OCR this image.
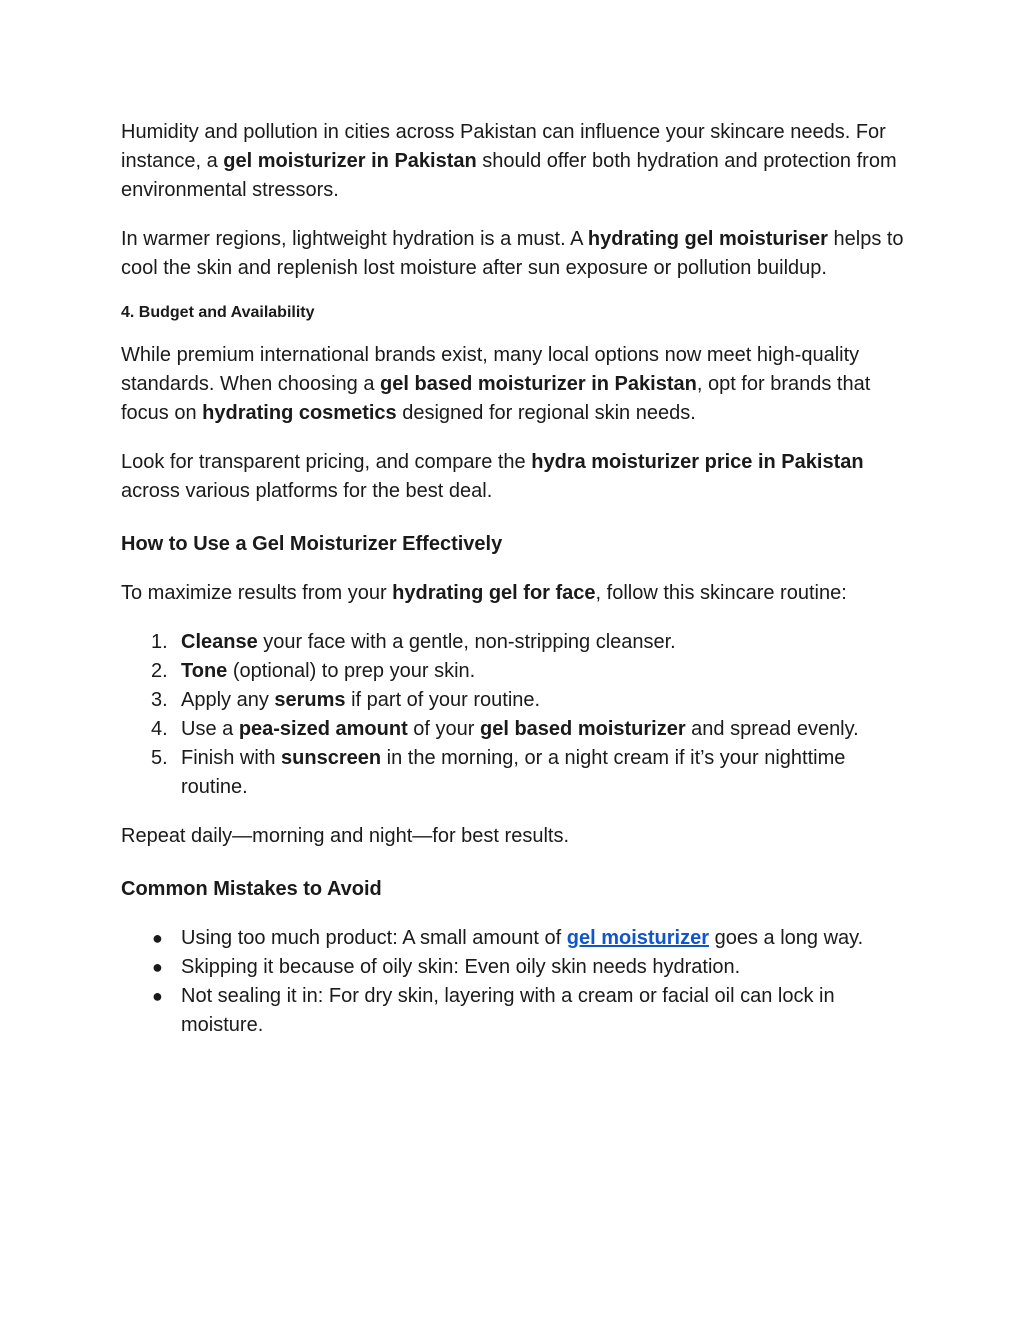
Humidity and pollution in cities across Pakistan can influence your skincare needs. For instance, a gel moisturizer in Pakistan should offer both hydration and protection from environmental stressors.

In warmer regions, lightweight hydration is a must. A hydrating gel moisturiser helps to cool the skin and replenish lost moisture after sun exposure or pollution buildup.

4. Budget and Availability

While premium international brands exist, many local options now meet high-quality standards. When choosing a gel based moisturizer in Pakistan, opt for brands that focus on hydrating cosmetics designed for regional skin needs.

Look for transparent pricing, and compare the hydra moisturizer price in Pakistan across various platforms for the best deal.

How to Use a Gel Moisturizer Effectively

To maximize results from your hydrating gel for face, follow this skincare routine:

1. Cleanse your face with a gentle, non-stripping cleanser.
2. Tone (optional) to prep your skin.
3. Apply any serums if part of your routine.
4. Use a pea-sized amount of your gel based moisturizer and spread evenly.
5. Finish with sunscreen in the morning, or a night cream if it’s your nighttime routine.

Repeat daily—morning and night—for best results.

Common Mistakes to Avoid
● Using too much product: A small amount of gel moisturizer goes a long way.
● Skipping it because of oily skin: Even oily skin needs hydration.
● Not sealing it in: For dry skin, layering with a cream or facial oil can lock in moisture.
